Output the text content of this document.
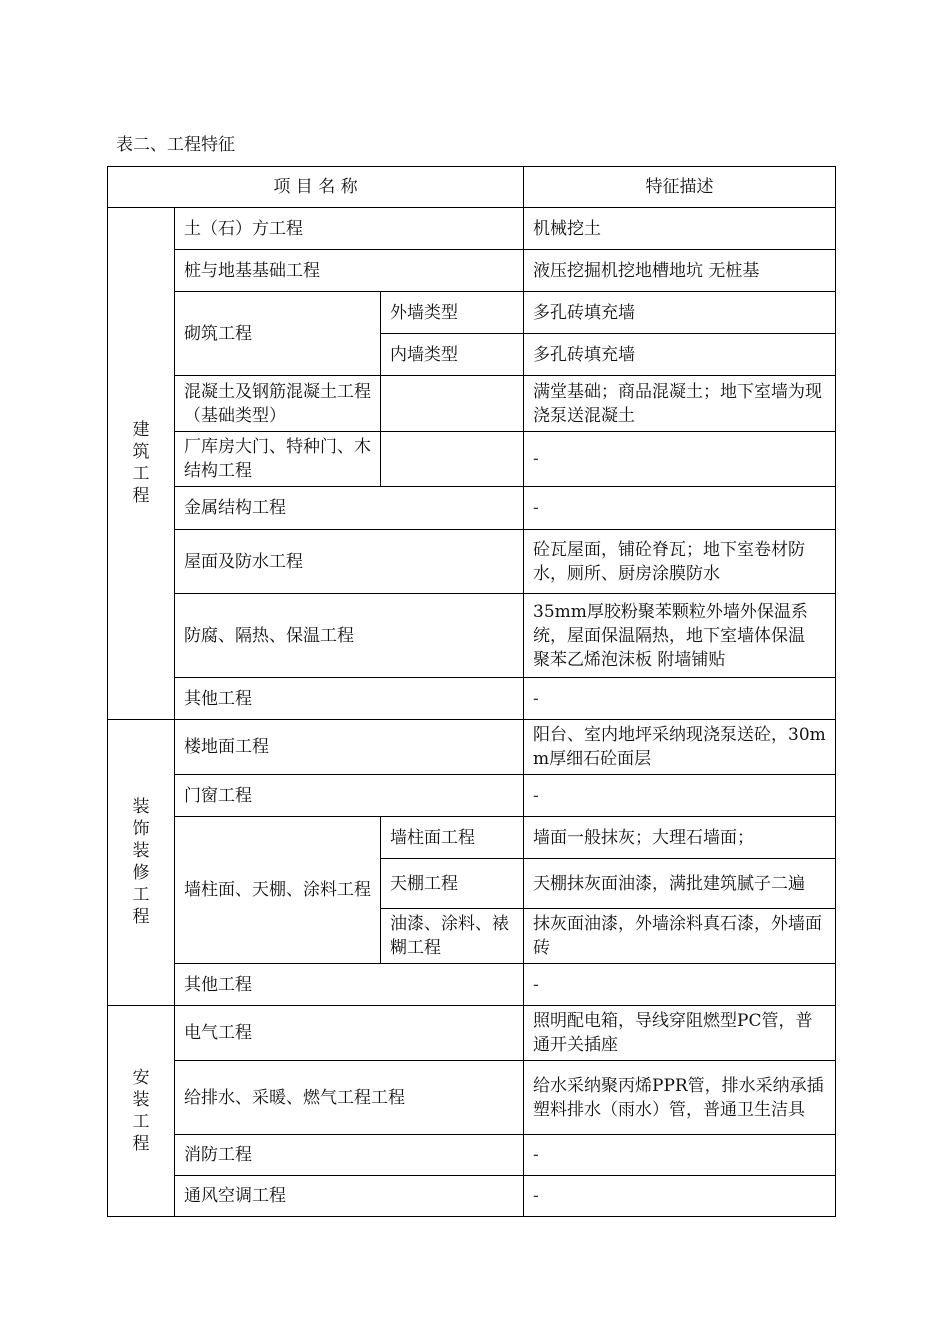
表二、工程特征
项 目 名 称			特征描述
建筑工程	土（石）方工程		机械挖土
	桩与地基基础工程		液压挖掘机挖地槽地坑 无桩基
	砌筑工程	外墙类型	多孔砖填充墙
		内墙类型	多孔砖填充墙
	混凝土及钢筋混凝土工程（基础类型）		满堂基础；商品混凝土；地下室墙为现浇泵送混凝土
	厂库房大门、特种门、木结构工程		-
	金属结构工程		-
	屋面及防水工程		砼瓦屋面，铺砼脊瓦；地下室卷材防水，厕所、厨房涂膜防水
	防腐、隔热、保温工程		35mm厚胶粉聚苯颗粒外墙外保温系统，屋面保温隔热，地下室墙体保温 聚苯乙烯泡沫板 附墙铺贴
	其他工程		-
装饰装修工程	楼地面工程		阳台、室内地坪采纳现浇泵送砼，30mm厚细石砼面层
	门窗工程		-
	墙柱面、天棚、涂料工程	墙柱面工程	墙面一般抹灰；大理石墙面；
		天棚工程	天棚抹灰面油漆，满批建筑腻子二遍
		油漆、涂料、裱糊工程	抹灰面油漆，外墙涂料真石漆，外墙面砖
	其他工程		-
安装工程	电气工程		照明配电箱，导线穿阻燃型PC管，普通开关插座
	给排水、采暖、燃气工程工程		给水采纳聚丙烯PPR管，排水采纳承插塑料排水（雨水）管，普通卫生洁具
	消防工程		-
	通风空调工程		-
